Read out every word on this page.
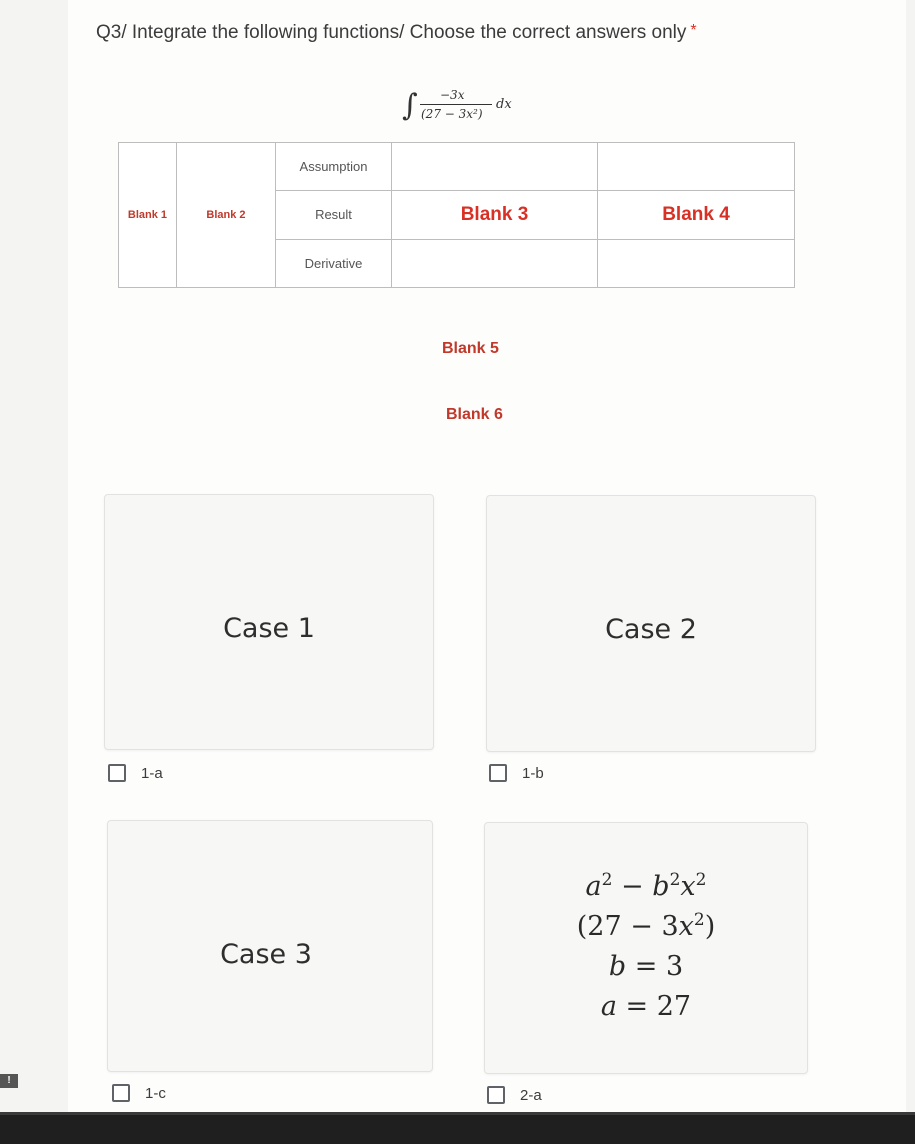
Q3/ Integrate the following functions/ Choose the correct answers only *
∫ −3x
(27 − 3x²)
dx
Blank 1	Blank 2	Assumption		
		Result	Blank 3	Blank 4
		Derivative		
Blank 5
Blank 6
Case 1	Case 2
1-a	1-b
Case 3
$a^2 - b^2x^2$
$(27 - 3x^2)$
b = 3
a = 27
1-c	2-a
!
